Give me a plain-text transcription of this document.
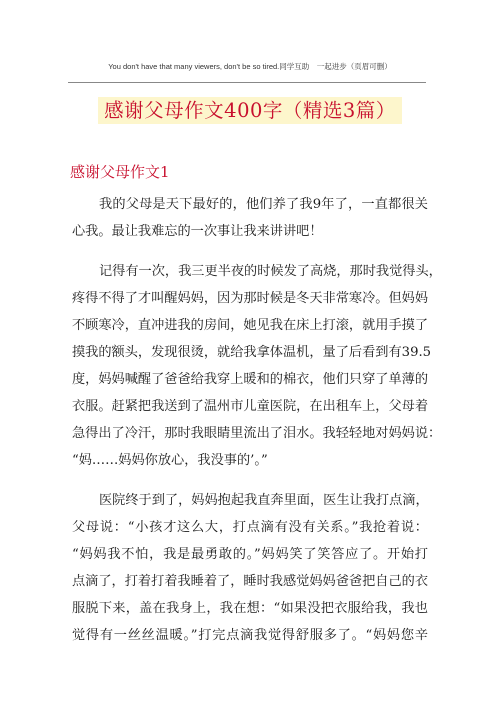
You don't have that many viewers, don't be so tired.同学互助　一起进步（页眉可删）
感谢父母作文400字（精选3篇）
感谢父母作文1
我的父母是天下最好的，他们养了我9年了，一直都很关
心我。最让我难忘的一次事让我来讲讲吧！
记得有一次，我三更半夜的时候发了高烧，那时我觉得头，
疼得不得了才叫醒妈妈，因为那时候是冬天非常寒冷。但妈妈
不顾寒冷，直冲进我的房间，她见我在床上打滚，就用手摸了
摸我的额头，发现很烫，就给我拿体温机，量了后看到有39.5
度，妈妈喊醒了爸爸给我穿上暖和的棉衣，他们只穿了单薄的
衣服。赶紧把我送到了温州市儿童医院，在出租车上，父母着
急得出了冷汗，那时我眼睛里流出了泪水。我轻轻地对妈妈说：
“妈……妈妈你放心，我没事的’。”
医院终于到了，妈妈抱起我直奔里面，医生让我打点滴，
父母说：“小孩才这么大，打点滴有没有关系。”我抢着说：
“妈妈我不怕，我是最勇敢的。”妈妈笑了笑答应了。开始打
点滴了，打着打着我睡着了，睡时我感觉妈妈爸爸把自己的衣
服脱下来，盖在我身上，我在想：“如果没把衣服给我，我也
觉得有一丝丝温暖。”打完点滴我觉得舒服多了。“妈妈您辛
